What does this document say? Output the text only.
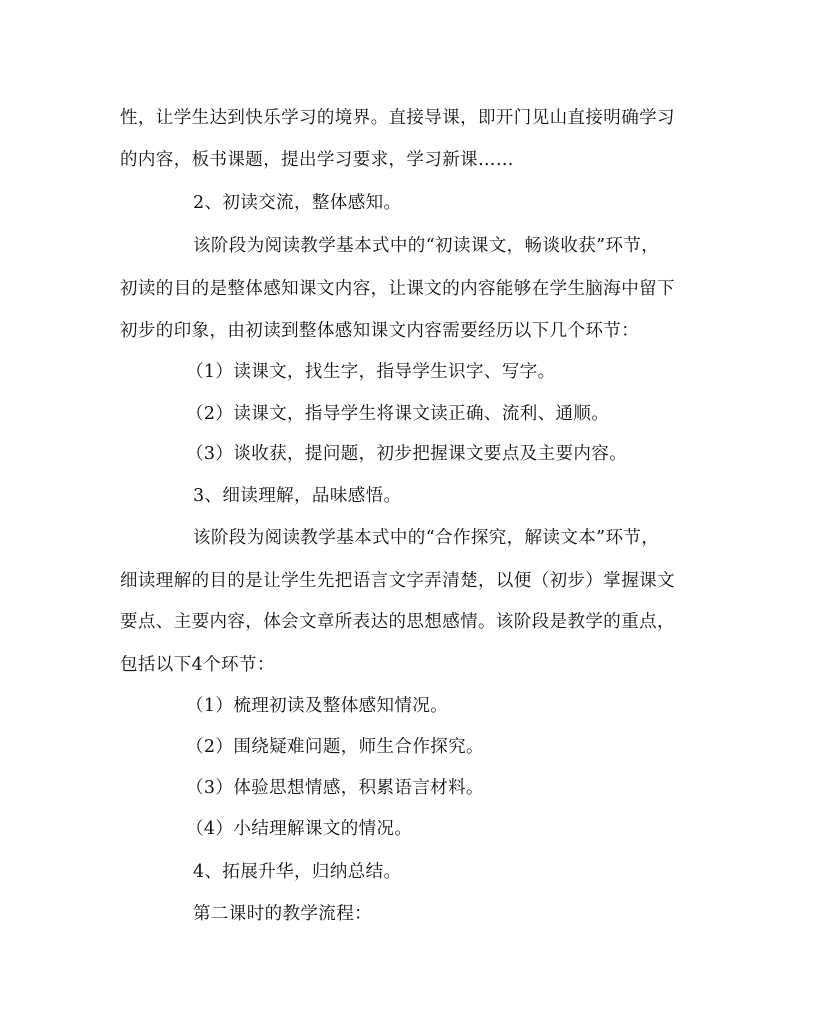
性，让学生达到快乐学习的境界。直接导课，即开门见山直接明确学习
的内容，板书课题，提出学习要求，学习新课……
2、初读交流，整体感知。
该阶段为阅读教学基本式中的“初读课文，畅谈收获”环节，
初读的目的是整体感知课文内容，让课文的内容能够在学生脑海中留下
初步的印象，由初读到整体感知课文内容需要经历以下几个环节：
（1）读课文，找生字，指导学生识字、写字。
（2）读课文，指导学生将课文读正确、流利、通顺。
（3）谈收获，提问题，初步把握课文要点及主要内容。
3、细读理解，品味感悟。
该阶段为阅读教学基本式中的“合作探究，解读文本”环节，
细读理解的目的是让学生先把语言文字弄清楚，以便（初步）掌握课文
要点、主要内容，体会文章所表达的思想感情。该阶段是教学的重点，
包括以下4个环节：
（1）梳理初读及整体感知情况。
（2）围绕疑难问题，师生合作探究。
（3）体验思想情感，积累语言材料。
（4）小结理解课文的情况。
4、拓展升华，归纳总结。
第二课时的教学流程：
